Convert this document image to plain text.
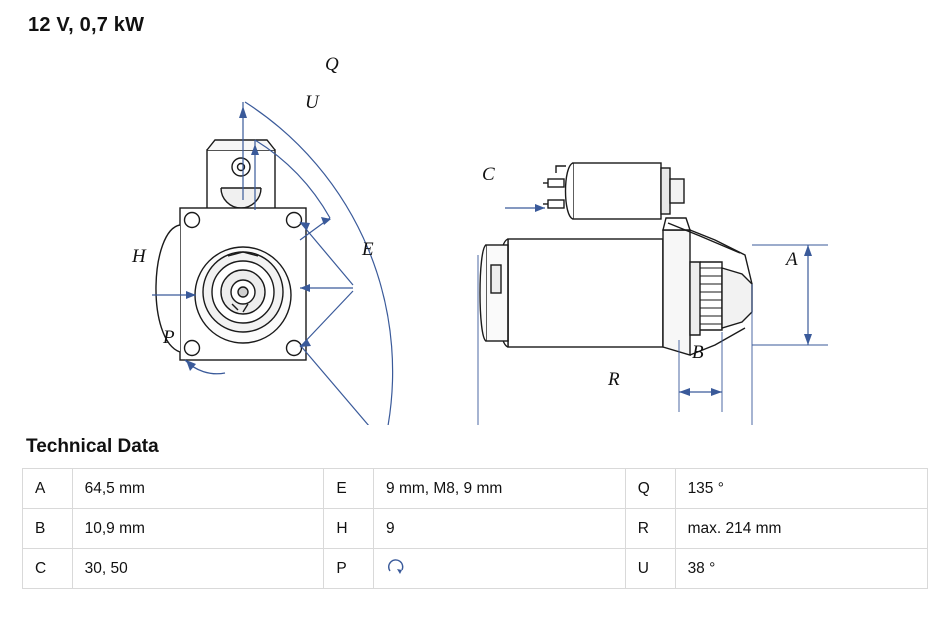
12 V, 0,7 kW
Q
U
E
H
P
C
A
B
R
Technical Data
A	64,5 mm	E	9 mm, M8, 9 mm	Q	135 °
B	10,9 mm	H	9	R	max. 214 mm
C	30, 50	P		U	38 °
